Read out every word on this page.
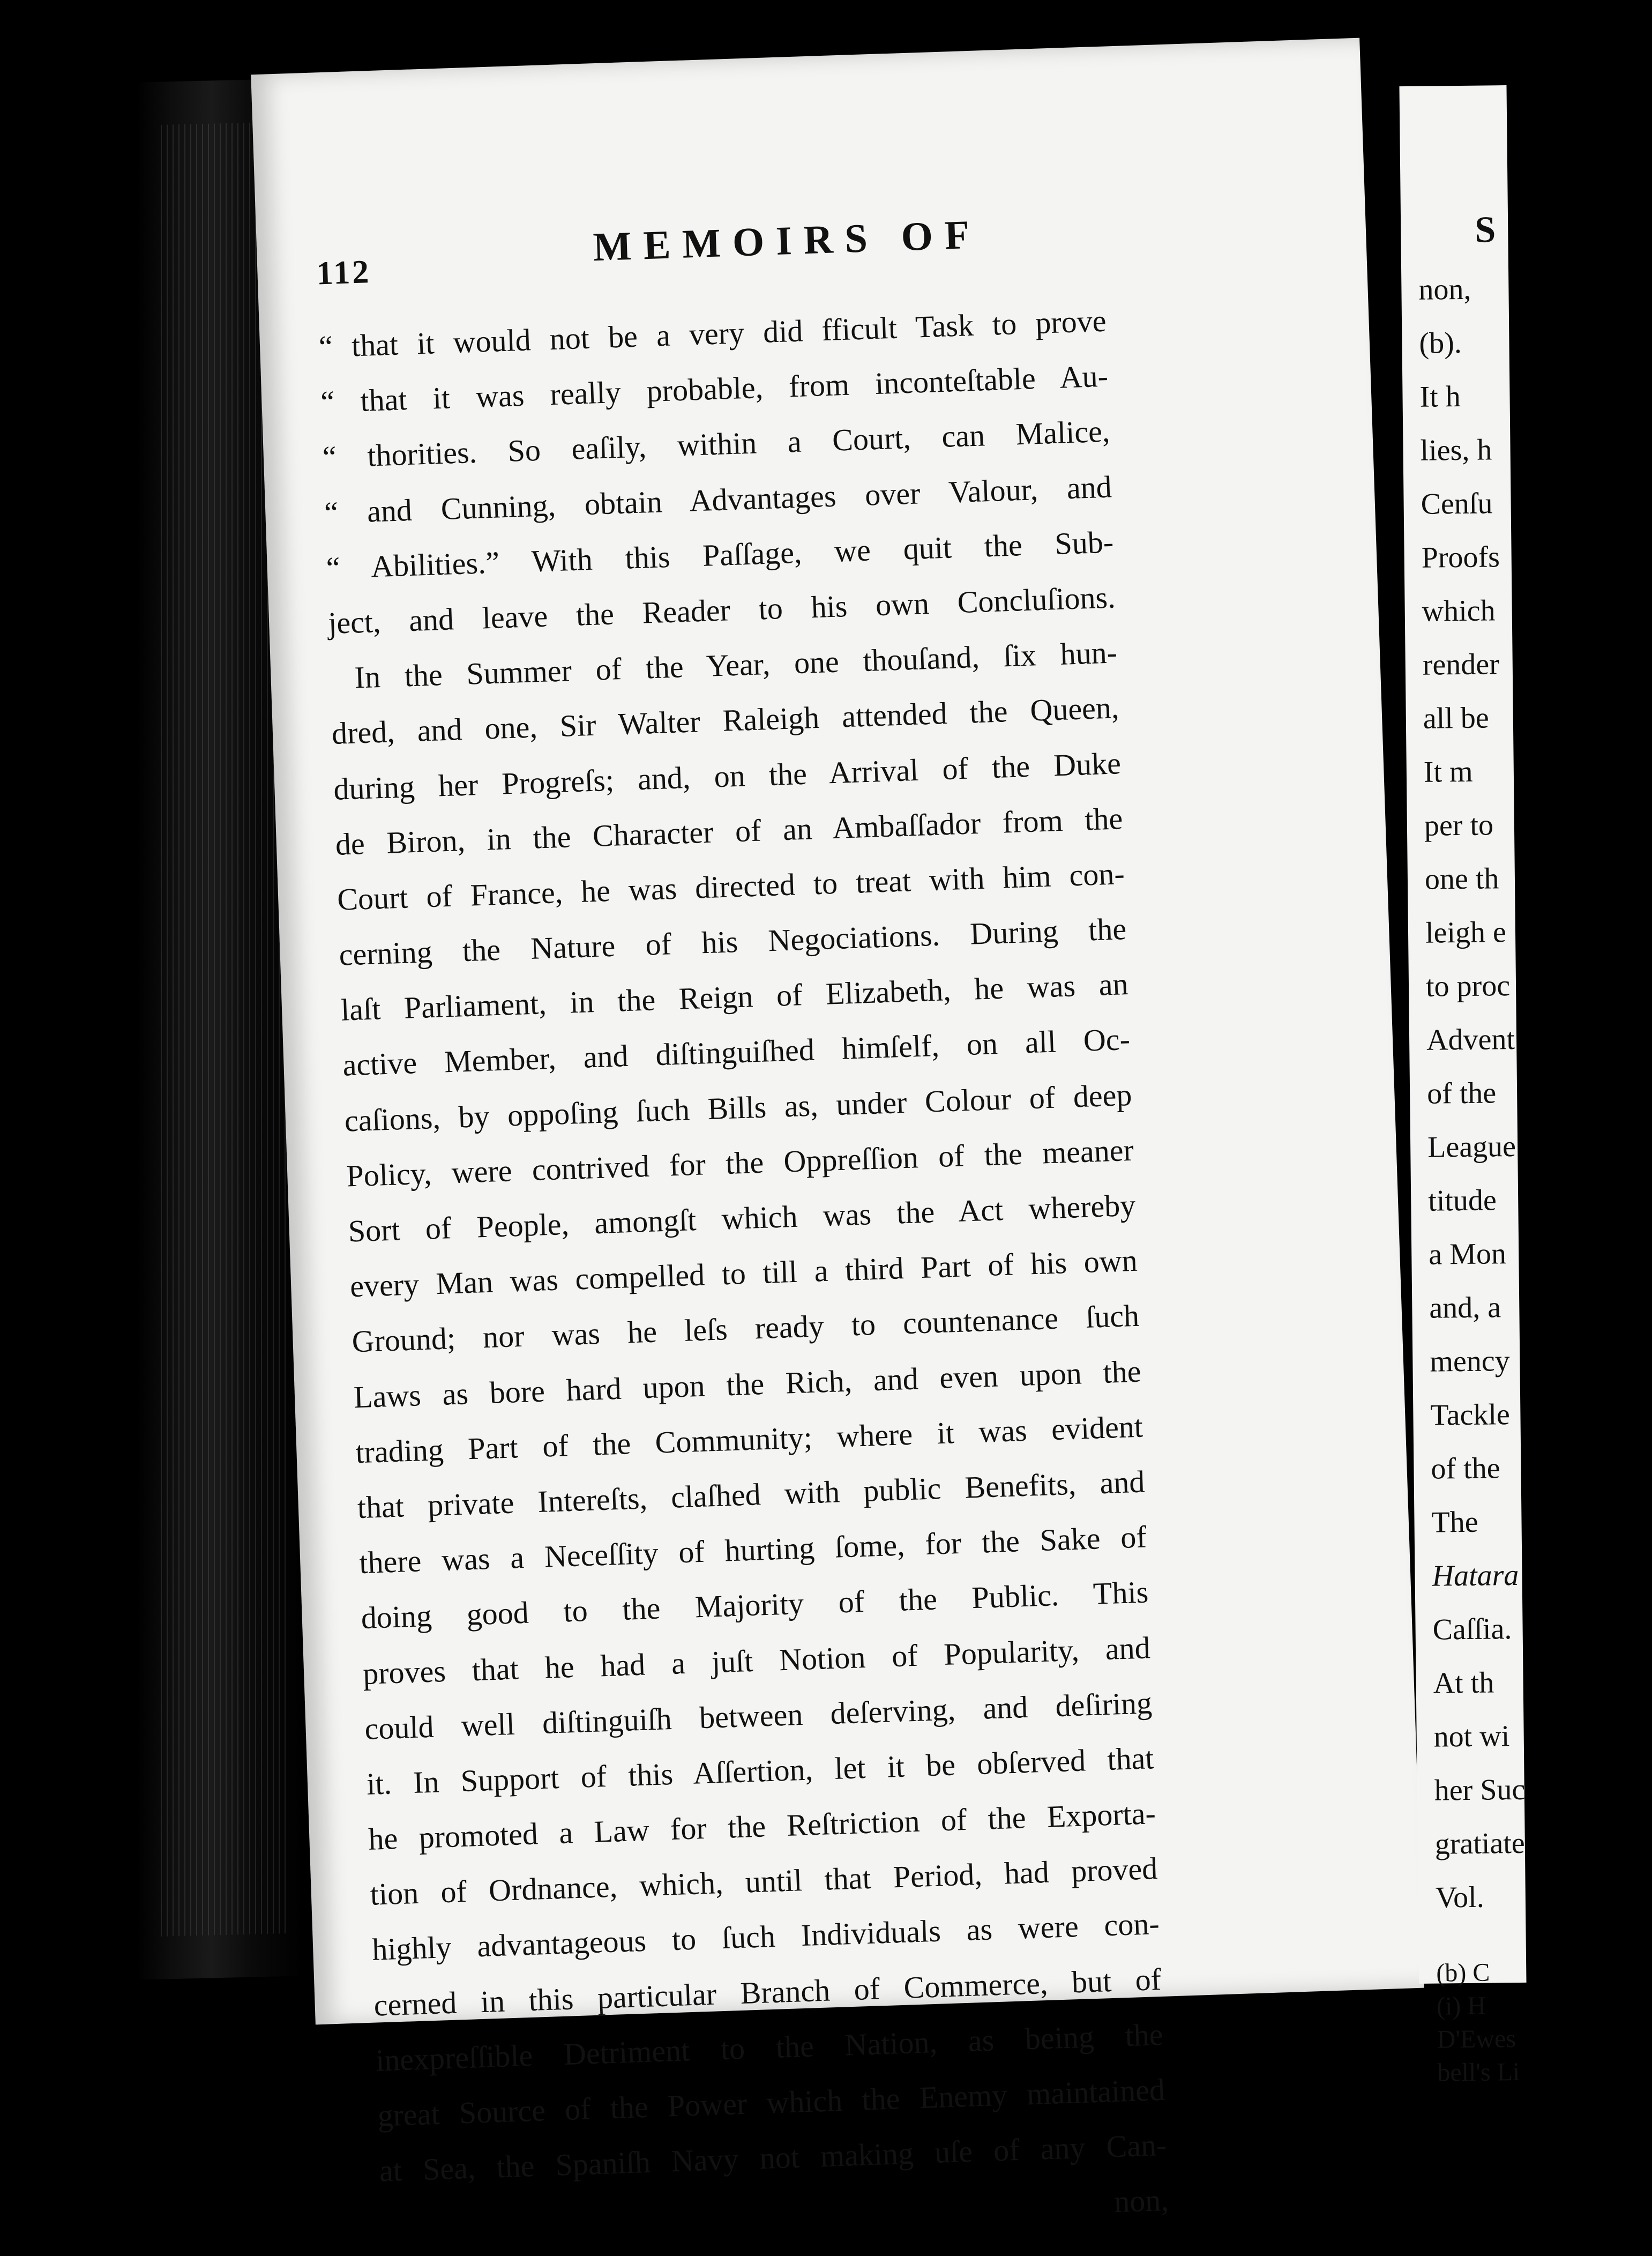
112
MEMOIRS OF
“ that it would not be a very did fficult Task to prove
“ that it was really probable, from inconteſtable Au-
“ thorities. So eaſily, within a Court, can Malice,
“ and Cunning, obtain Advantages over Valour, and
“ Abilities.” With this Paſſage, we quit the Sub-
ject, and leave the Reader to his own Concluſions.
In the Summer of the Year, one thouſand, ſix hun-
dred, and one, Sir Walter Raleigh attended the Queen,
during her Progreſs; and, on the Arrival of the Duke
de Biron, in the Character of an Ambaſſador from the
Court of France, he was directed to treat with him con-
cerning the Nature of his Negociations. During the
laſt Parliament, in the Reign of Elizabeth, he was an
active Member, and diſtinguiſhed himſelf, on all Oc-
caſions, by oppoſing ſuch Bills as, under Colour of deep
Policy, were contrived for the Oppreſſion of the meaner
Sort of People, amongſt which was the Act whereby
every Man was compelled to till a third Part of his own
Ground; nor was he leſs ready to countenance ſuch
Laws as bore hard upon the Rich, and even upon the
trading Part of the Community; where it was evident
that private Intereſts, claſhed with public Benefits, and
there was a Neceſſity of hurting ſome, for the Sake of
doing good to the Majority of the Public. This
proves that he had a juſt Notion of Popularity, and
could well diſtinguiſh between deſerving, and deſiring
it. In Support of this Aſſertion, let it be obſerved that
he promoted a Law for the Reſtriction of the Exporta-
tion of Ordnance, which, until that Period, had proved
highly advantageous to ſuch Individuals as were con-
cerned in this particular Branch of Commerce, but of
inexpreſſible Detriment to the Nation, as being the
great Source of the Power which the Enemy maintained
at Sea, the Spaniſh Navy not making uſe of any Can-
non,
S
non,
(b).
It h
lies, h
Cenſu
Proofs
which
render
all be
It m
per to
one th
leigh e
to proc
Advent
of the
League
titude
a Mon
and, a
mency
Tackle
of the
The
Hatara
Caſſia.
At th
not wi
her Suc
gratiate
Vol.
(b) C
(i) H
D'Ewes
bell's Li
